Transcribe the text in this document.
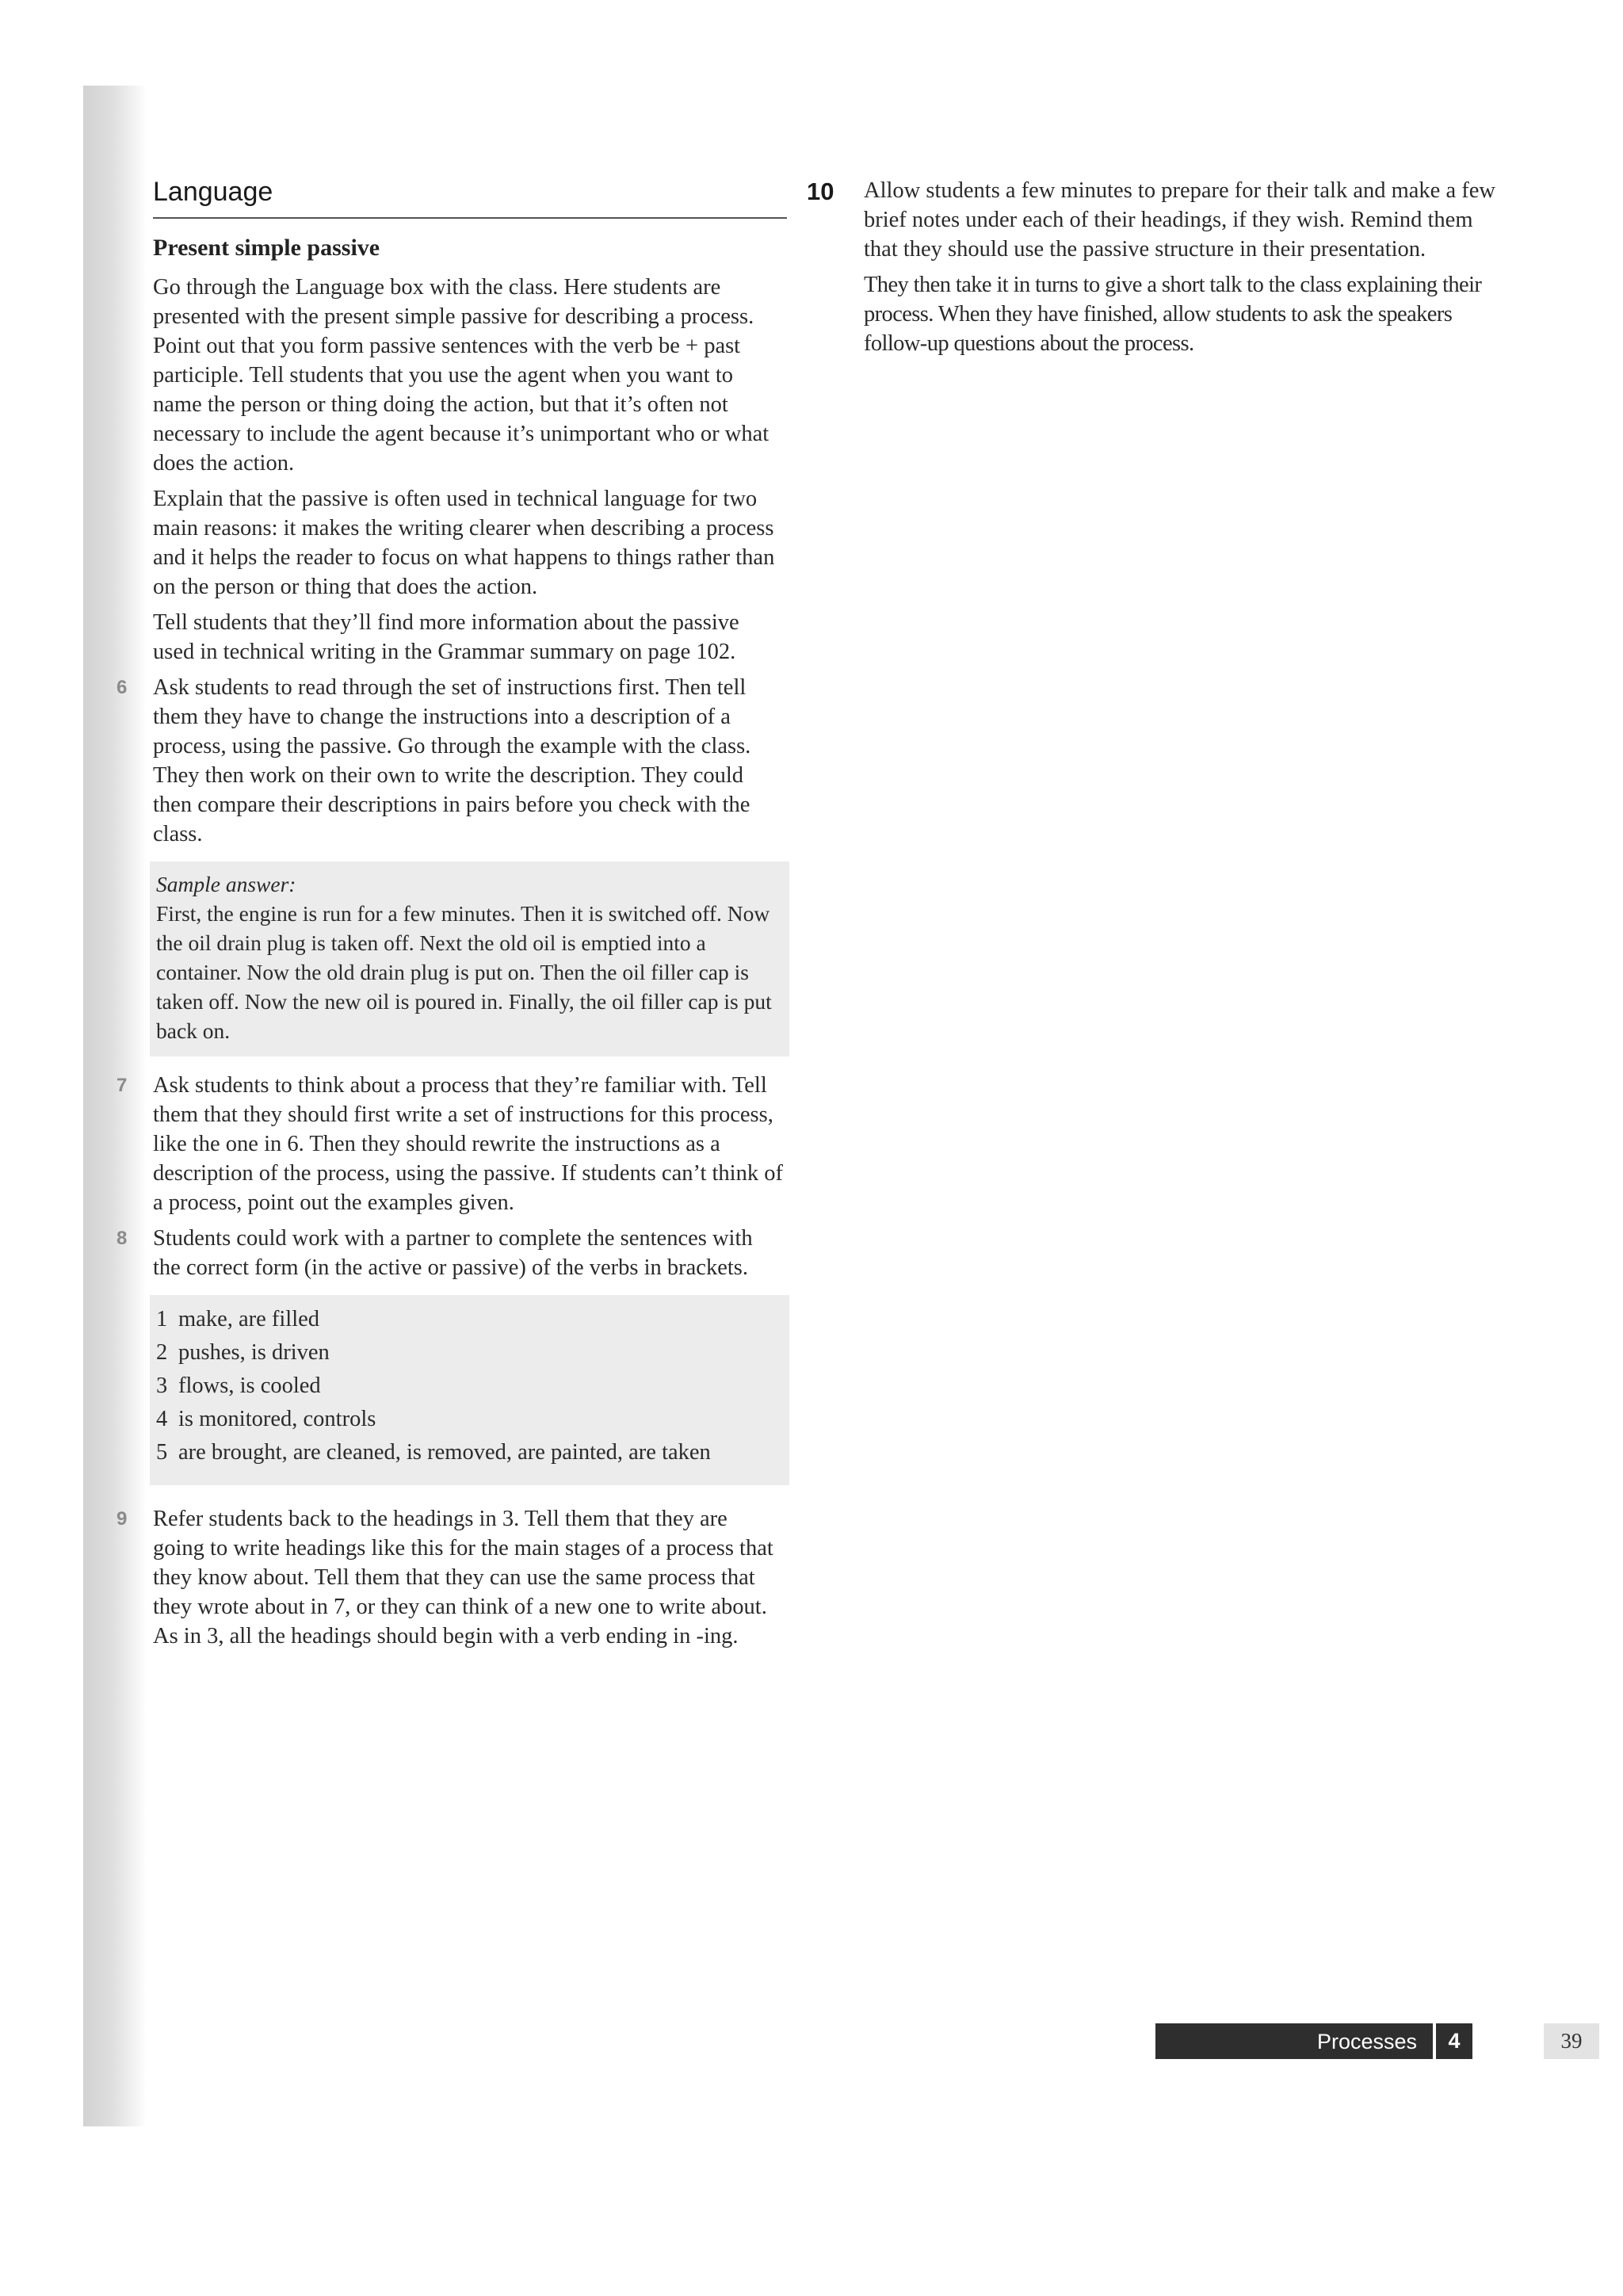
Language
Present simple passive

Go through the Language box with the class. Here students are presented with the present simple passive for describing a process. Point out that you form passive sentences with the verb be + past participle. Tell students that you use the agent when you want to name the person or thing doing the action, but that it’s often not necessary to include the agent because it’s unimportant who or what does the action.

Explain that the passive is often used in technical language for two main reasons: it makes the writing clearer when describing a process and it helps the reader to focus on what happens to things rather than on the person or thing that does the action.

Tell students that they’ll find more information about the passive used in technical writing in the Grammar summary on page 102.

6 Ask students to read through the set of instructions first. Then tell them they have to change the instructions into a description of a process, using the passive. Go through the example with the class. They then work on their own to write the description. They could then compare their descriptions in pairs before you check with the class.

Sample answer:

First, the engine is run for a few minutes. Then it is switched off. Now the oil drain plug is taken off. Next the old oil is emptied into a container. Now the old drain plug is put on. Then the oil filler cap is taken off. Now the new oil is poured in. Finally, the oil filler cap is put back on.

7 Ask students to think about a process that they’re familiar with. Tell them that they should first write a set of instructions for this process, like the one in 6. Then they should rewrite the instructions as a description of the process, using the passive. If students can’t think of a process, point out the examples given.

8 Students could work with a partner to complete the sentences with the correct form (in the active or passive) of the verbs in brackets.

1 make, are filled
2 pushes, is driven
3 flows, is cooled
4 is monitored, controls
5 are brought, are cleaned, is removed, are painted, are taken
9 Refer students back to the headings in 3. Tell them that they are going to write headings like this for the main stages of a process that they know about. Tell them that they can use the same process that they wrote about in 7, or they can think of a new one to write about. As in 3, all the headings should begin with a verb ending in -ing.

10 Allow students a few minutes to prepare for their talk and make a few brief notes under each of their headings, if they wish. Remind them that they should use the passive structure in their presentation.

They then take it in turns to give a short talk to the class explaining their process. When they have finished, allow students to ask the speakers follow-up questions about the process.

Processes	4	39
